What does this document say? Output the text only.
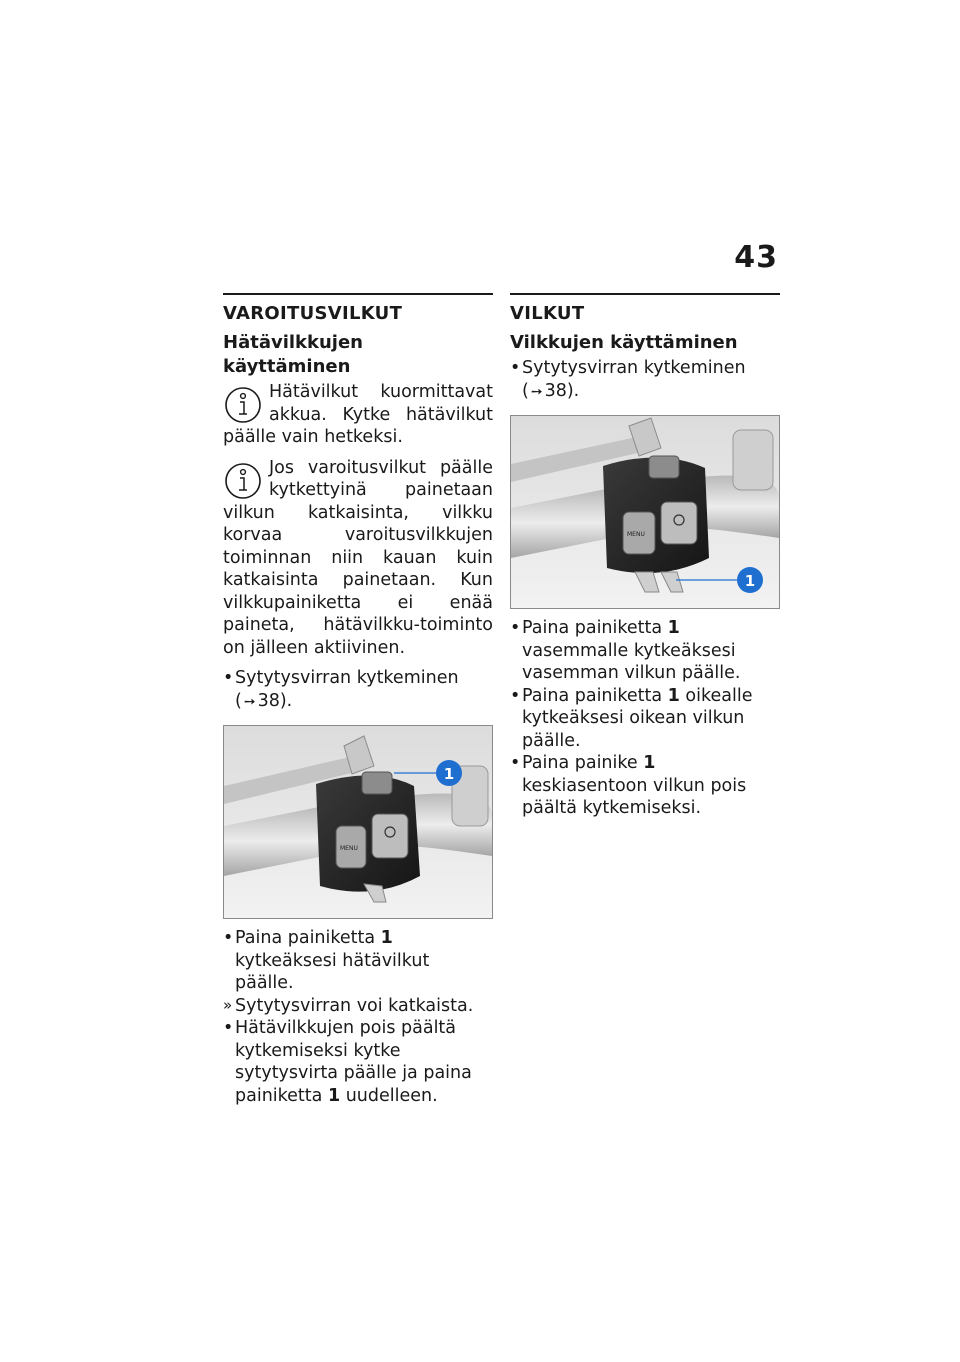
43
VAROITUSVILKUT
Hätävilkkujen käyttäminen

Hätävilkut kuormittavat akkua. Kytke hätävilkut päälle vain hetkeksi.

Jos varoitusvilkut päälle kytkettyinä painetaan vilkun katkaisinta, vilkku korvaa varoitusvilkkujen toiminnan niin kauan kuin katkaisinta painetaan. Kun vilkkupainiketta ei enää paineta, hätävilkku-toiminto on jälleen aktiivinen.

• Sytytysvirran kytkeminen
( ➙ 38).
MENU
1
• Paina painiketta 1 kytkeäksesi hätävilkut päälle.
» Sytytysvirran voi katkaista.
• Hätävilkkujen pois päältä kytkemiseksi kytke sytytysvirta päälle ja paina painiketta 1 uudelleen.
VILKUT
Vilkkujen käyttäminen
• Sytytysvirran kytkeminen
( ➙ 38).
MENU
1
• Paina painiketta 1 vasemmalle kytkeäksesi vasemman vilkun päälle.
• Paina painiketta 1 oikealle kytkeäksesi oikean vilkun päälle.
• Paina painike 1 keskiasentoon vilkun pois päältä kytkemiseksi.
